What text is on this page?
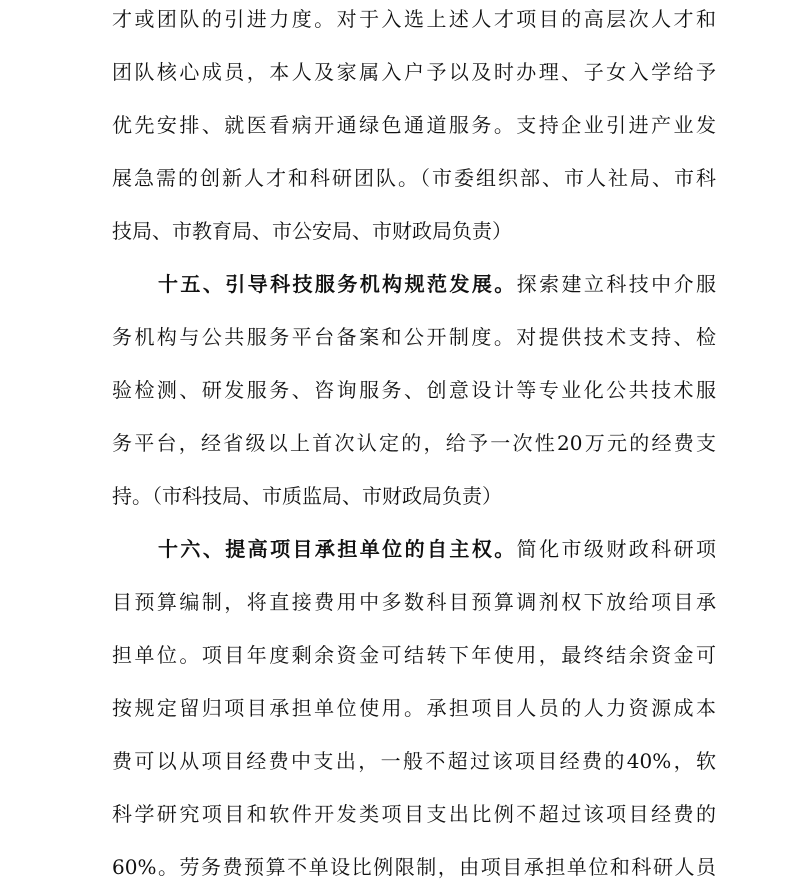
才或团队的引进力度。对于入选上述人才项目的高层次人才和
团队核心成员，本人及家属入户予以及时办理、子女入学给予
优先安排、就医看病开通绿色通道服务。支持企业引进产业发
展急需的创新人才和科研团队。（市委组织部、市人社局、市科
技局、市教育局、市公安局、市财政局负责）
十五、引导科技服务机构规范发展。探索建立科技中介服
务机构与公共服务平台备案和公开制度。对提供技术支持、检
验检测、研发服务、咨询服务、创意设计等专业化公共技术服
务平台，经省级以上首次认定的，给予一次性20万元的经费支
持。（市科技局、市质监局、市财政局负责）
十六、提高项目承担单位的自主权。简化市级财政科研项
目预算编制，将直接费用中多数科目预算调剂权下放给项目承
担单位。项目年度剩余资金可结转下年使用，最终结余资金可
按规定留归项目承担单位使用。承担项目人员的人力资源成本
费可以从项目经费中支出，一般不超过该项目经费的40%，软
科学研究项目和软件开发类项目支出比例不超过该项目经费的
60%。劳务费预算不单设比例限制，由项目承担单位和科研人员
